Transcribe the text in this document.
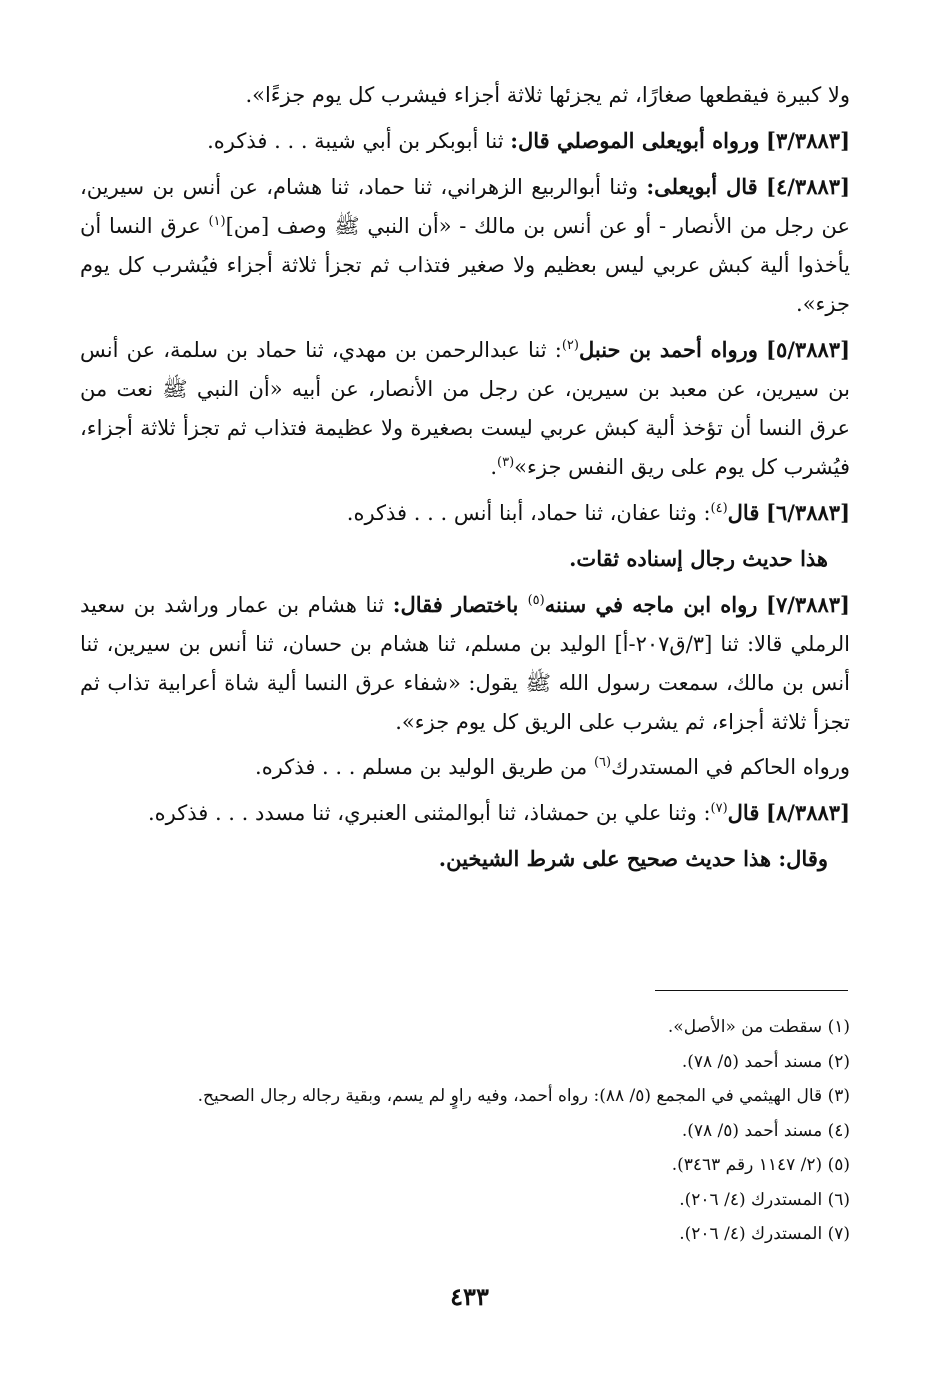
ولا كبيرة فيقطعها صغارًا، ثم يجزئها ثلاثة أجزاء فيشرب كل يوم جزءًا».

[٣/٣٨٨٣] ورواه أبويعلى الموصلي قال: ثنا أبوبكر بن أبي شيبة . . . فذكره.

[٤/٣٨٨٣] قال أبويعلى: وثنا أبوالربيع الزهراني، ثنا حماد، ثنا هشام، عن أنس بن سيرين، عن رجل من الأنصار - أو عن أنس بن مالك - «أن النبي ﷺ وصف [من]$^{(١)}$ عرق النسا أن يأخذوا ألية كبش عربي ليس بعظيم ولا صغير فتذاب ثم تجزأ ثلاثة أجزاء فيُشرب كل يوم جزء».

[٥/٣٨٨٣] ورواه أحمد بن حنبل$^{(٢)}$: ثنا عبدالرحمن بن مهدي، ثنا حماد بن سلمة، عن أنس بن سيرين، عن معبد بن سيرين، عن رجل من الأنصار، عن أبيه «أن النبي ﷺ نعت من عرق النسا أن تؤخذ ألية كبش عربي ليست بصغيرة ولا عظيمة فتذاب ثم تجزأ ثلاثة أجزاء، فيُشرب كل يوم على ريق النفس جزء»$^{(٣)}$.

[٦/٣٨٨٣] قال$^{(٤)}$: وثنا عفان، ثنا حماد، أبنا أنس . . . فذكره.

هذا حديث رجال إسناده ثقات.

[٧/٣٨٨٣] رواه ابن ماجه في سننه$^{(٥)}$ باختصار فقال: ثنا هشام بن عمار وراشد بن سعيد الرملي قالا: ثنا [٣/ق٢٠٧-أ] الوليد بن مسلم، ثنا هشام بن حسان، ثنا أنس بن سيرين، ثنا أنس بن مالك، سمعت رسول الله ﷺ يقول: «شفاء عرق النسا ألية شاة أعرابية تذاب ثم تجزأ ثلاثة أجزاء، ثم يشرب على الريق كل يوم جزء».

ورواه الحاكم في المستدرك$^{(٦)}$ من طريق الوليد بن مسلم . . . فذكره.

[٨/٣٨٨٣] قال$^{(٧)}$: وثنا علي بن حمشاذ، ثنا أبوالمثنى العنبري، ثنا مسدد . . . فذكره.

وقال: هذا حديث صحيح على شرط الشيخين.

(١) سقطت من «الأصل».
(٢) مسند أحمد (٥/ ٧٨).
(٣) قال الهيثمي في المجمع (٥/ ٨٨): رواه أحمد، وفيه راوٍ لم يسم، وبقية رجاله رجال الصحيح.
(٤) مسند أحمد (٥/ ٧٨).
(٥) (٢/ ١١٤٧ رقم ٣٤٦٣).
(٦) المستدرك (٤/ ٢٠٦).
(٧) المستدرك (٤/ ٢٠٦).
٤٣٣
